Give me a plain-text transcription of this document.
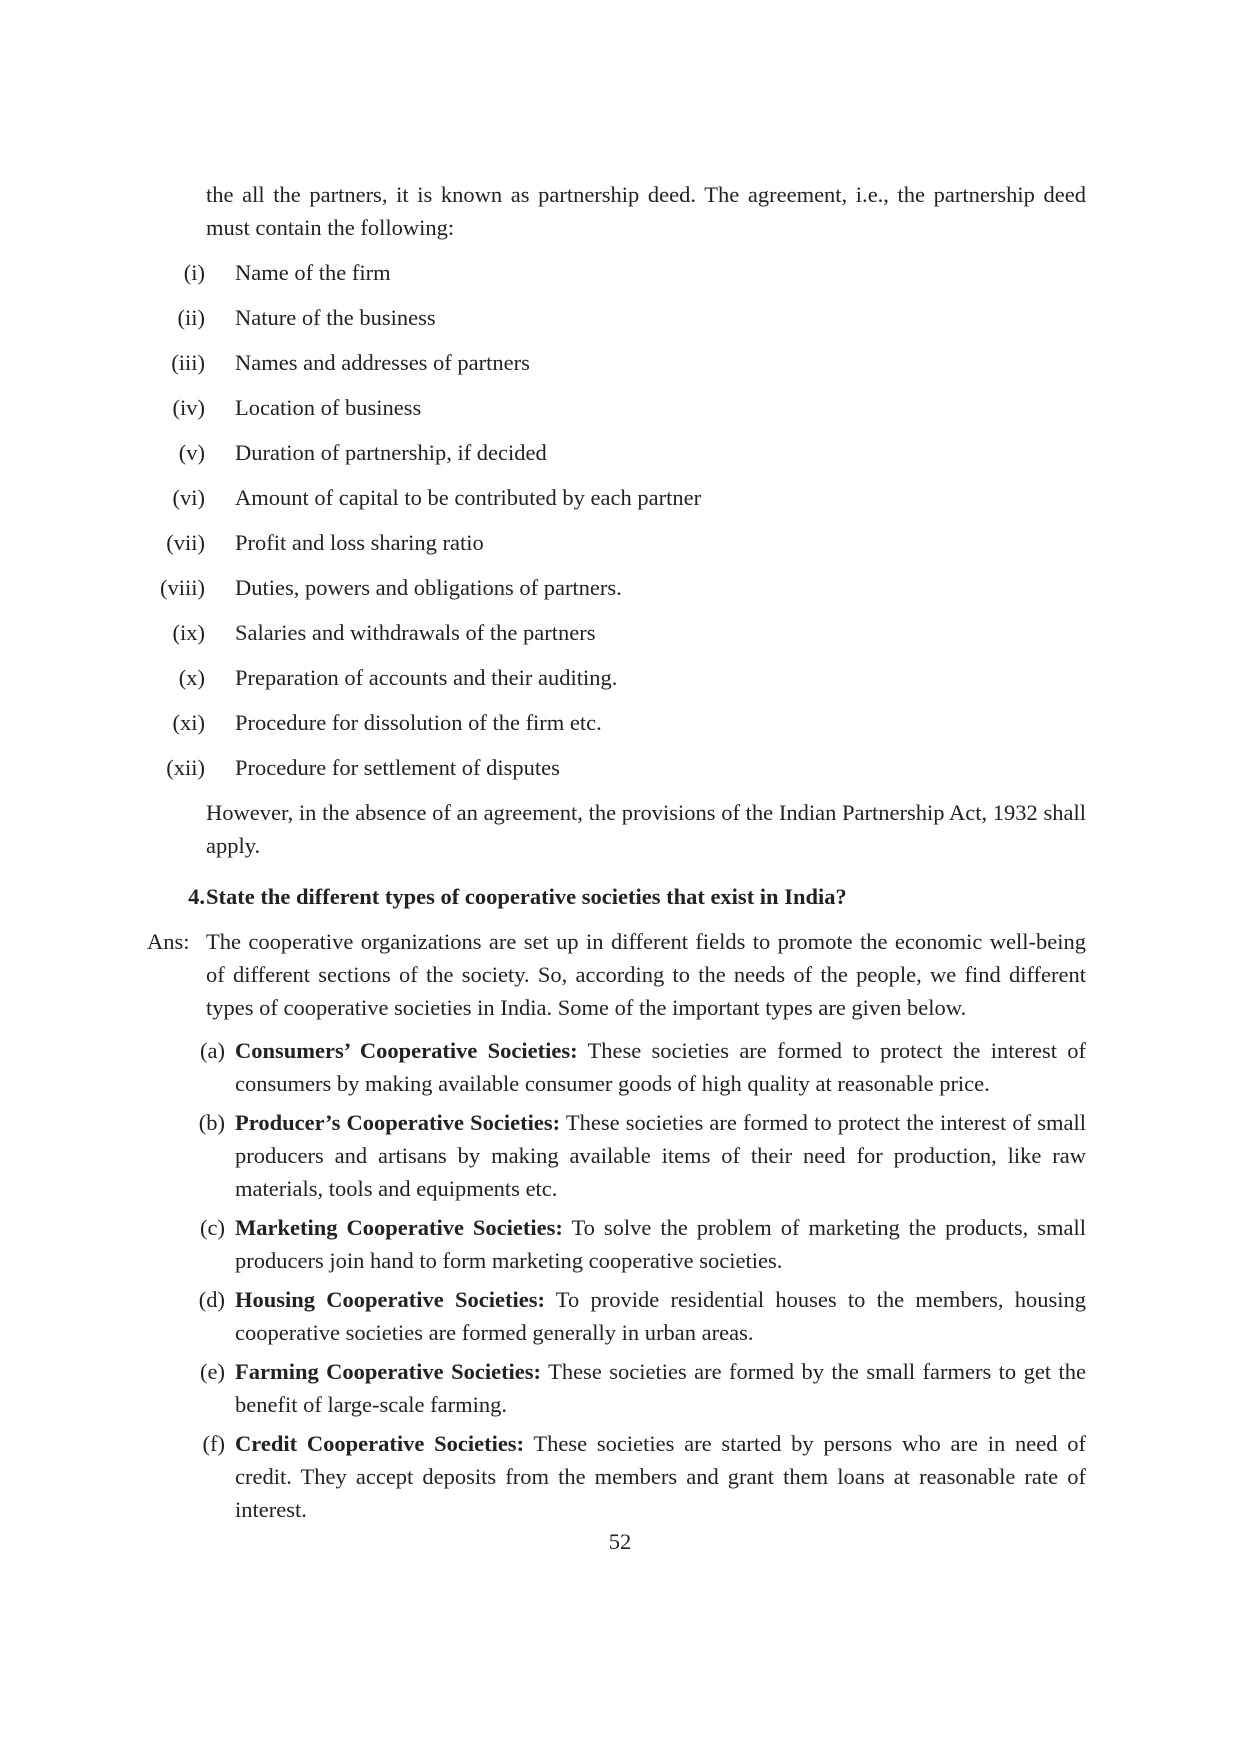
the all the partners, it is known as partnership deed. The agreement, i.e., the partnership deed must contain the following:
(i) Name of the firm
(ii) Nature of the business
(iii) Names and addresses of partners
(iv) Location of business
(v) Duration of partnership, if decided
(vi) Amount of capital to be contributed by each partner
(vii) Profit and loss sharing ratio
(viii) Duties, powers and obligations of partners.
(ix) Salaries and withdrawals of the partners
(x) Preparation of accounts and their auditing.
(xi) Procedure for dissolution of the firm etc.
(xii) Procedure for settlement of disputes
However, in the absence of an agreement, the provisions of the Indian Partnership Act, 1932 shall apply.
4. State the different types of cooperative societies that exist in India?
Ans: The cooperative organizations are set up in different fields to promote the economic well-being of different sections of the society. So, according to the needs of the people, we find different types of cooperative societies in India. Some of the important types are given below.
(a) Consumers’ Cooperative Societies: These societies are formed to protect the interest of consumers by making available consumer goods of high quality at reasonable price.
(b) Producer’s Cooperative Societies: These societies are formed to protect the interest of small producers and artisans by making available items of their need for production, like raw materials, tools and equipments etc.
(c) Marketing Cooperative Societies: To solve the problem of marketing the products, small producers join hand to form marketing cooperative societies.
(d) Housing Cooperative Societies: To provide residential houses to the members, housing cooperative societies are formed generally in urban areas.
(e) Farming Cooperative Societies: These societies are formed by the small farmers to get the benefit of large-scale farming.
(f) Credit Cooperative Societies: These societies are started by persons who are in need of credit. They accept deposits from the members and grant them loans at reasonable rate of interest.
52
